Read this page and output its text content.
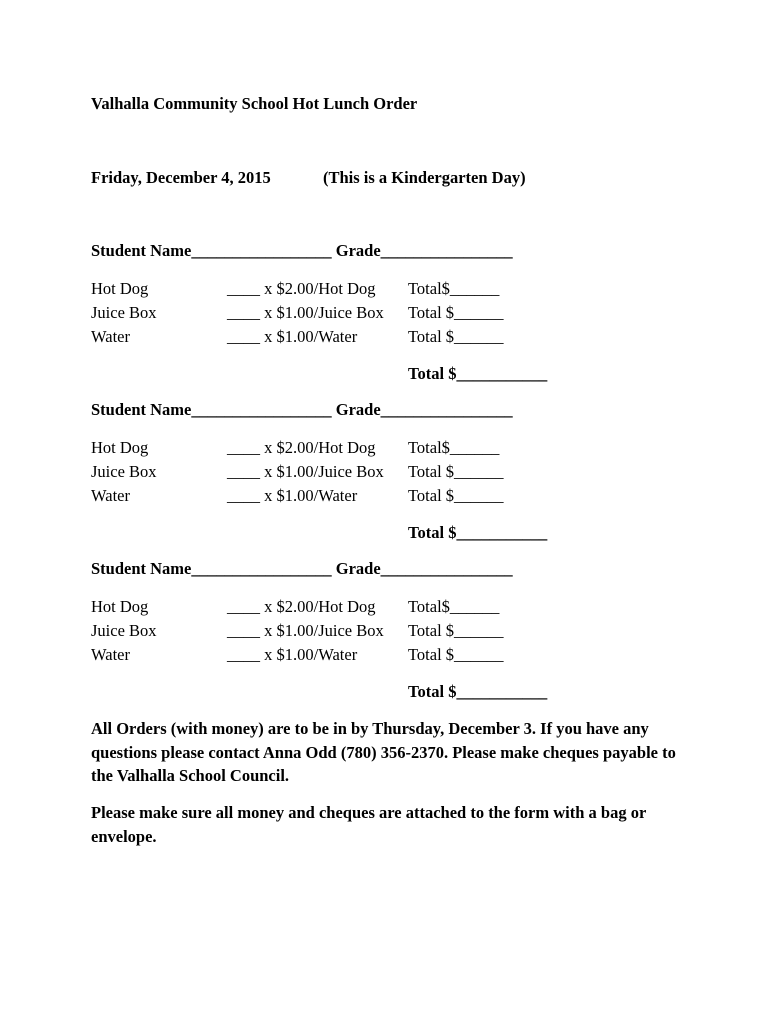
Valhalla Community School Hot Lunch Order
Friday, December 4, 2015	(This is a Kindergarten Day)
Student Name_________________ Grade________________
Hot Dog	____ x $2.00/Hot Dog Total$______
Juice Box	____ x $1.00/Juice Box Total $______
Water	____ x $1.00/Water	Total $______
Total $___________
Student Name_________________ Grade________________
Hot Dog	____ x $2.00/Hot Dog Total$______
Juice Box	____ x $1.00/Juice Box Total $______
Water	____ x $1.00/Water	Total $______
Total $___________
Student Name_________________ Grade________________
Hot Dog	____ x $2.00/Hot Dog Total$______
Juice Box	____ x $1.00/Juice Box Total $______
Water	____ x $1.00/Water	Total $______
Total $___________
All Orders (with money) are to be in by Thursday, December 3. If you have any questions please contact Anna Odd (780) 356-2370. Please make cheques payable to the Valhalla School Council.
Please make sure all money and cheques are attached to the form with a bag or envelope.
